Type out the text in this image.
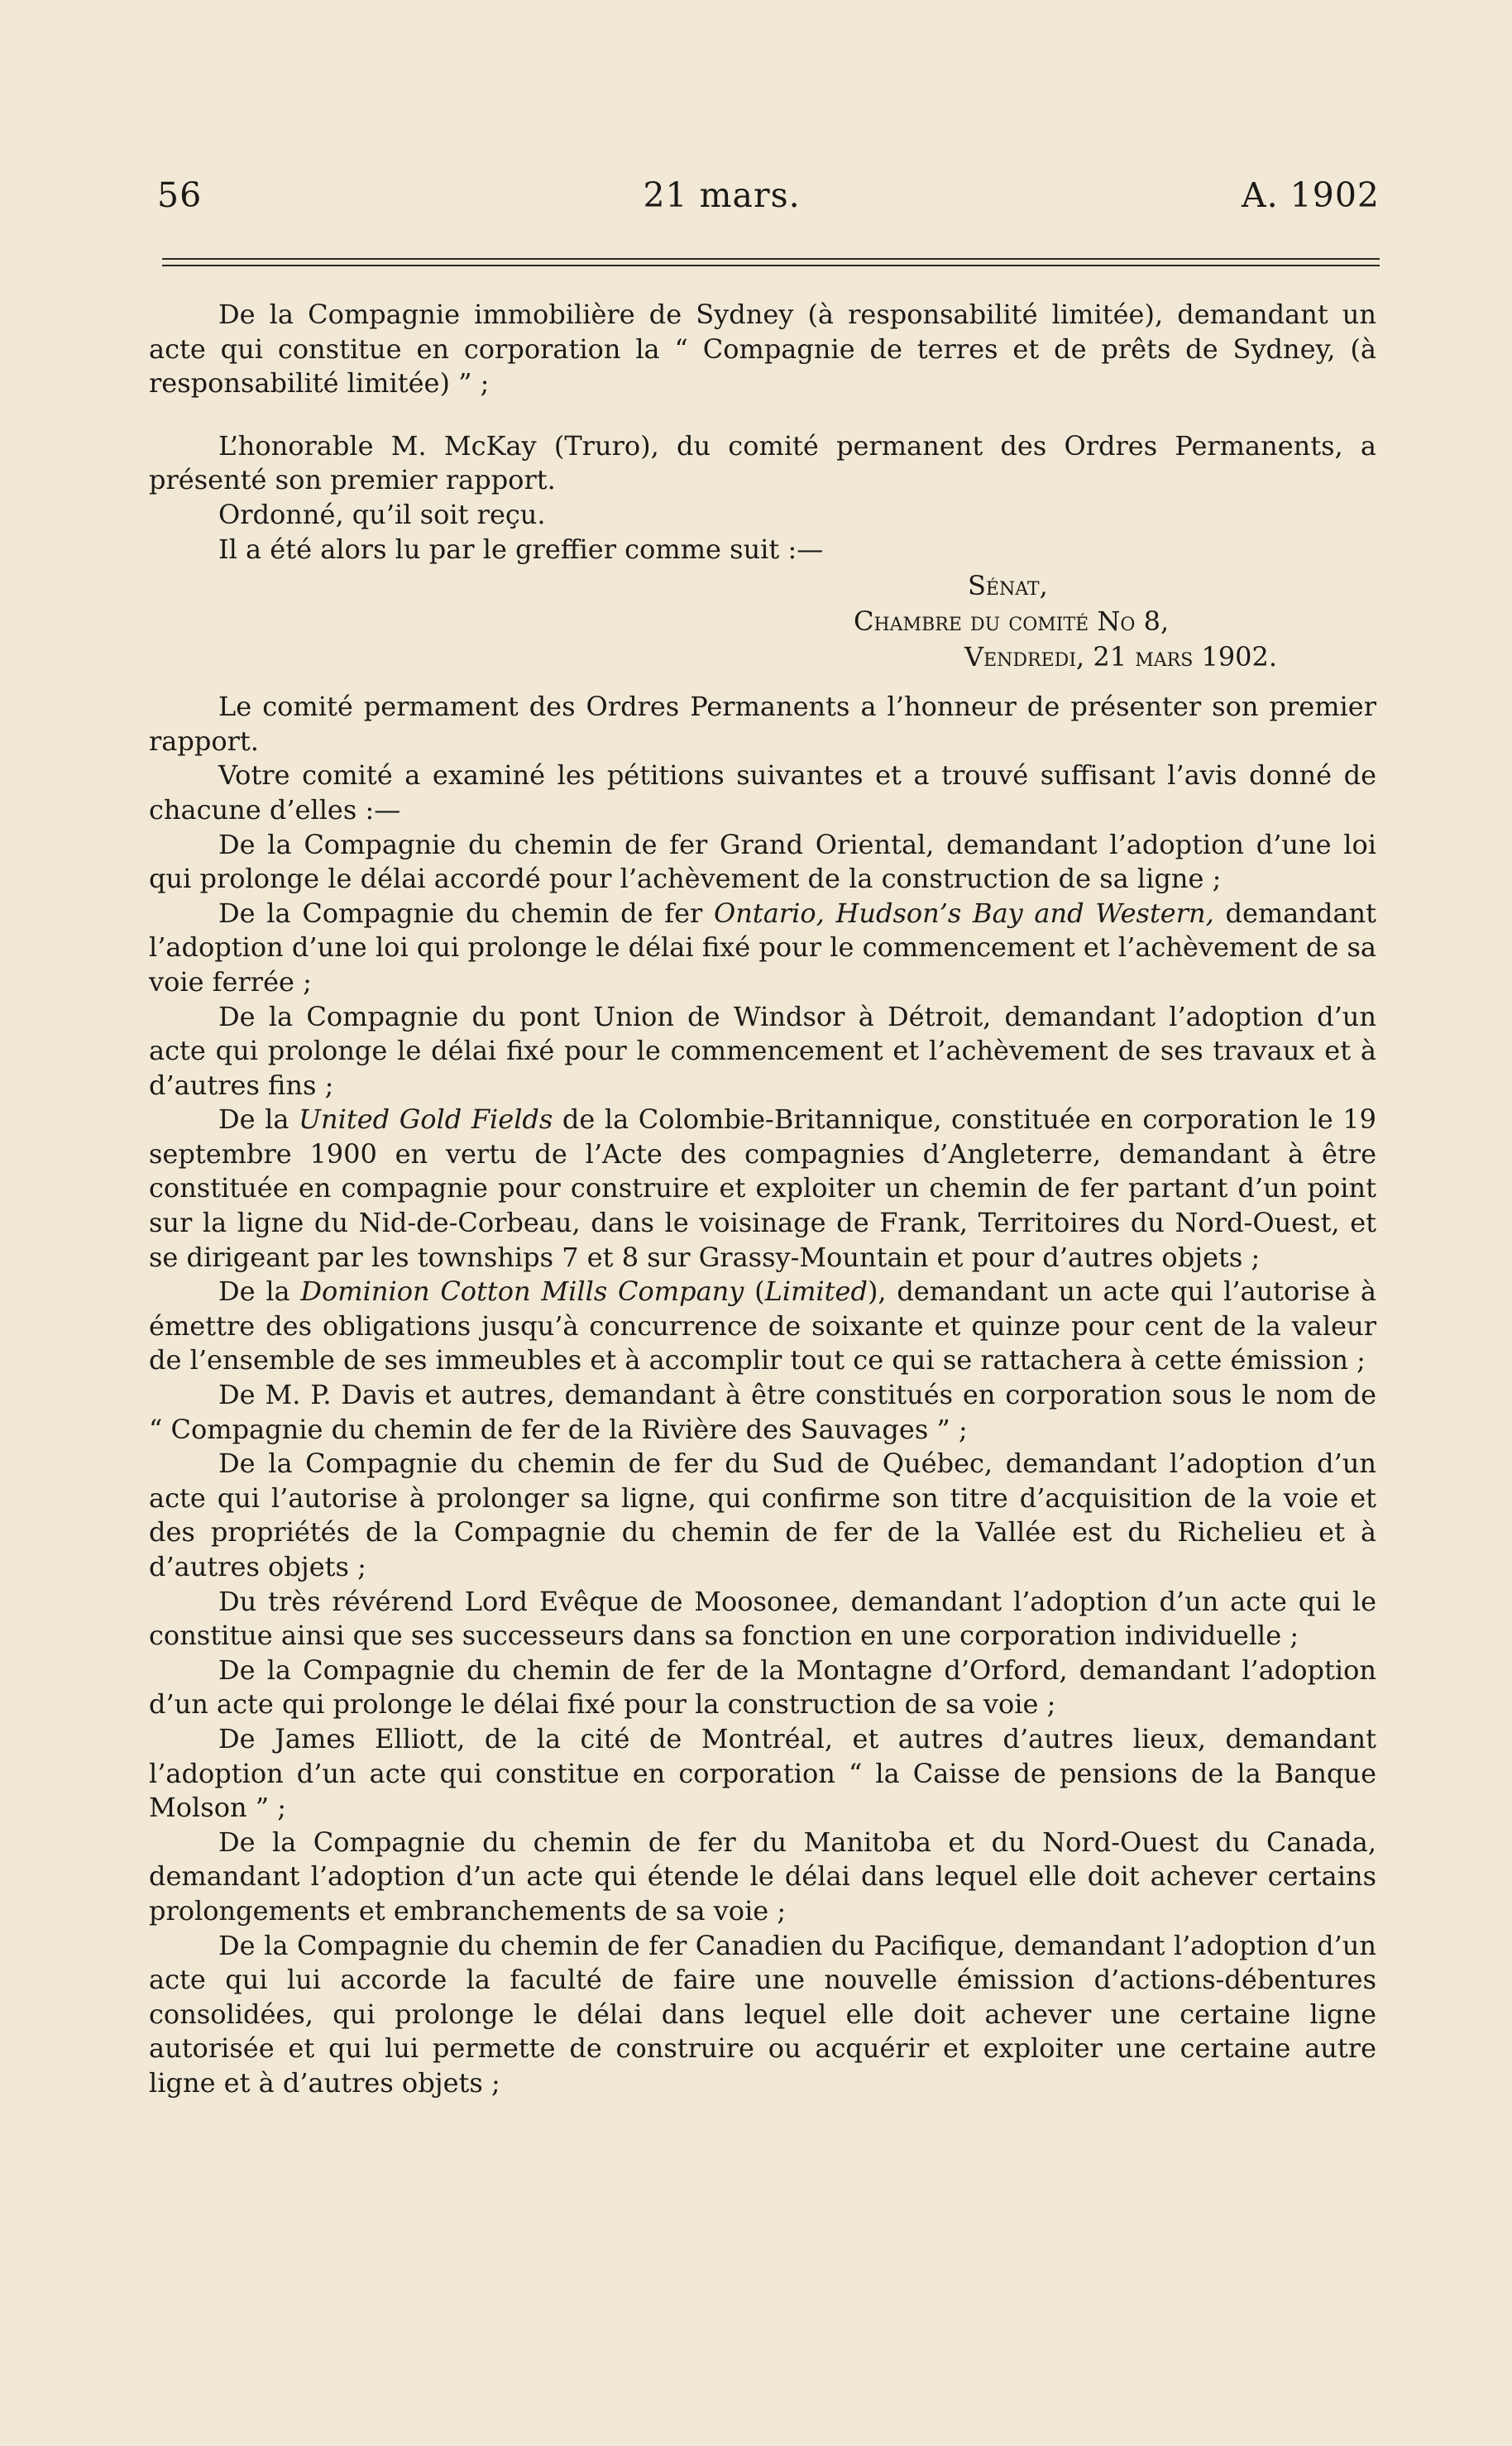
56	21 mars.	A. 1902

De la Compagnie immobilière de Sydney (à responsabilité limitée), demandant un acte qui constitue en corporation la “ Compagnie de terres et de prêts de Sydney, (à responsabilité limitée) ” ;

L’honorable M. McKay (Truro), du comité permanent des Ordres Permanents, a présenté son premier rapport.

Ordonné, qu’il soit reçu.

Il a été alors lu par le greffier comme suit :—

Sénat,
Chambre du comité No 8,
Vendredi, 21 mars 1902.

Le comité permament des Ordres Permanents a l’honneur de présenter son premier rapport.

Votre comité a examiné les pétitions suivantes et a trouvé suffisant l’avis donné de chacune d’elles :—

De la Compagnie du chemin de fer Grand Oriental, demandant l’adoption d’une loi qui prolonge le délai accordé pour l’achèvement de la construction de sa ligne ;

De la Compagnie du chemin de fer Ontario, Hudson’s Bay and Western, demandant l’adoption d’une loi qui prolonge le délai fixé pour le commencement et l’achèvement de sa voie ferrée ;

De la Compagnie du pont Union de Windsor à Détroit, demandant l’adoption d’un acte qui prolonge le délai fixé pour le commencement et l’achèvement de ses travaux et à d’autres fins ;

De la United Gold Fields de la Colombie-Britannique, constituée en corporation le 19 septembre 1900 en vertu de l’Acte des compagnies d’Angleterre, demandant à être constituée en compagnie pour construire et exploiter un chemin de fer partant d’un point sur la ligne du Nid-de-Corbeau, dans le voisinage de Frank, Territoires du Nord-Ouest, et se dirigeant par les townships 7 et 8 sur Grassy-Mountain et pour d’autres objets ;

De la Dominion Cotton Mills Company (Limited), demandant un acte qui l’autorise à émettre des obligations jusqu’à concurrence de soixante et quinze pour cent de la valeur de l’ensemble de ses immeubles et à accomplir tout ce qui se rattachera à cette émission ;

De M. P. Davis et autres, demandant à être constitués en corporation sous le nom de “ Compagnie du chemin de fer de la Rivière des Sauvages ” ;

De la Compagnie du chemin de fer du Sud de Québec, demandant l’adoption d’un acte qui l’autorise à prolonger sa ligne, qui confirme son titre d’acquisition de la voie et des propriétés de la Compagnie du chemin de fer de la Vallée est du Richelieu et à d’autres objets ;

Du très révérend Lord Evêque de Moosonee, demandant l’adoption d’un acte qui le constitue ainsi que ses successeurs dans sa fonction en une corporation individuelle ;

De la Compagnie du chemin de fer de la Montagne d’Orford, demandant l’adoption d’un acte qui prolonge le délai fixé pour la construction de sa voie ;

De James Elliott, de la cité de Montréal, et autres d’autres lieux, demandant l’adoption d’un acte qui constitue en corporation “ la Caisse de pensions de la Banque Molson ” ;

De la Compagnie du chemin de fer du Manitoba et du Nord-Ouest du Canada, demandant l’adoption d’un acte qui étende le délai dans lequel elle doit achever certains prolongements et embranchements de sa voie ;

De la Compagnie du chemin de fer Canadien du Pacifique, demandant l’adoption d’un acte qui lui accorde la faculté de faire une nouvelle émission d’actions-débentures consolidées, qui prolonge le délai dans lequel elle doit achever une certaine ligne autorisée et qui lui permette de construire ou acquérir et exploiter une certaine autre ligne et à d’autres objets ;
